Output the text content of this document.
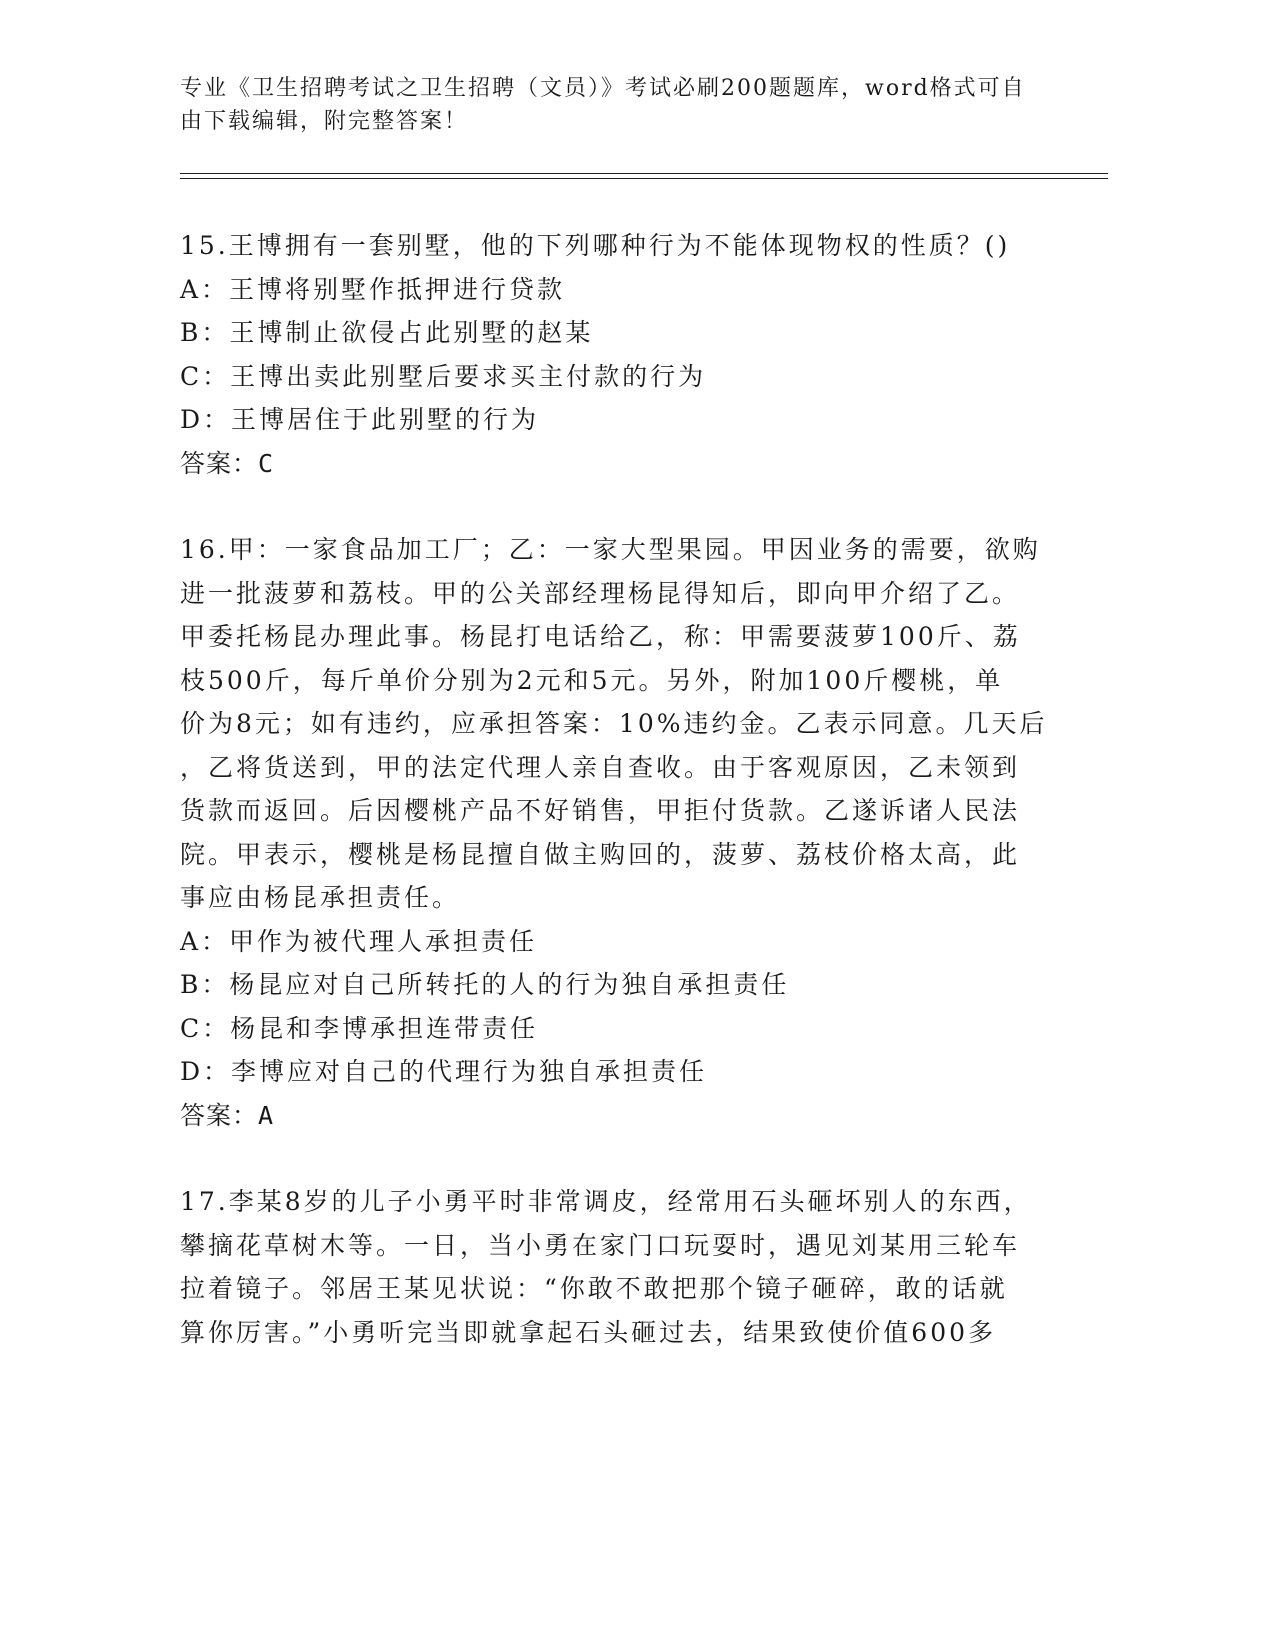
专业《卫生招聘考试之卫生招聘（文员）》考试必刷200题题库，word格式可自
由下载编辑，附完整答案！
15.王博拥有一套别墅，他的下列哪种行为不能体现物权的性质？()
A：王博将别墅作抵押进行贷款
B：王博制止欲侵占此别墅的赵某
C：王博出卖此别墅后要求买主付款的行为
D：王博居住于此别墅的行为
答案：C
16.甲：一家食品加工厂；乙：一家大型果园。甲因业务的需要，欲购
进一批菠萝和荔枝。甲的公关部经理杨昆得知后，即向甲介绍了乙。
甲委托杨昆办理此事。杨昆打电话给乙，称：甲需要菠萝100斤、荔
枝500斤，每斤单价分别为2元和5元。另外，附加100斤樱桃，单
价为8元；如有违约，应承担答案：10%违约金。乙表示同意。几天后
，乙将货送到，甲的法定代理人亲自查收。由于客观原因，乙未领到
货款而返回。后因樱桃产品不好销售，甲拒付货款。乙遂诉诸人民法
院。甲表示，樱桃是杨昆擅自做主购回的，菠萝、荔枝价格太高，此
事应由杨昆承担责任。
A：甲作为被代理人承担责任
B：杨昆应对自己所转托的人的行为独自承担责任
C：杨昆和李博承担连带责任
D：李博应对自己的代理行为独自承担责任
答案：A
17.李某8岁的儿子小勇平时非常调皮，经常用石头砸坏别人的东西，
攀摘花草树木等。一日，当小勇在家门口玩耍时，遇见刘某用三轮车
拉着镜子。邻居王某见状说：“你敢不敢把那个镜子砸碎，敢的话就
算你厉害。”小勇听完当即就拿起石头砸过去，结果致使价值600多
